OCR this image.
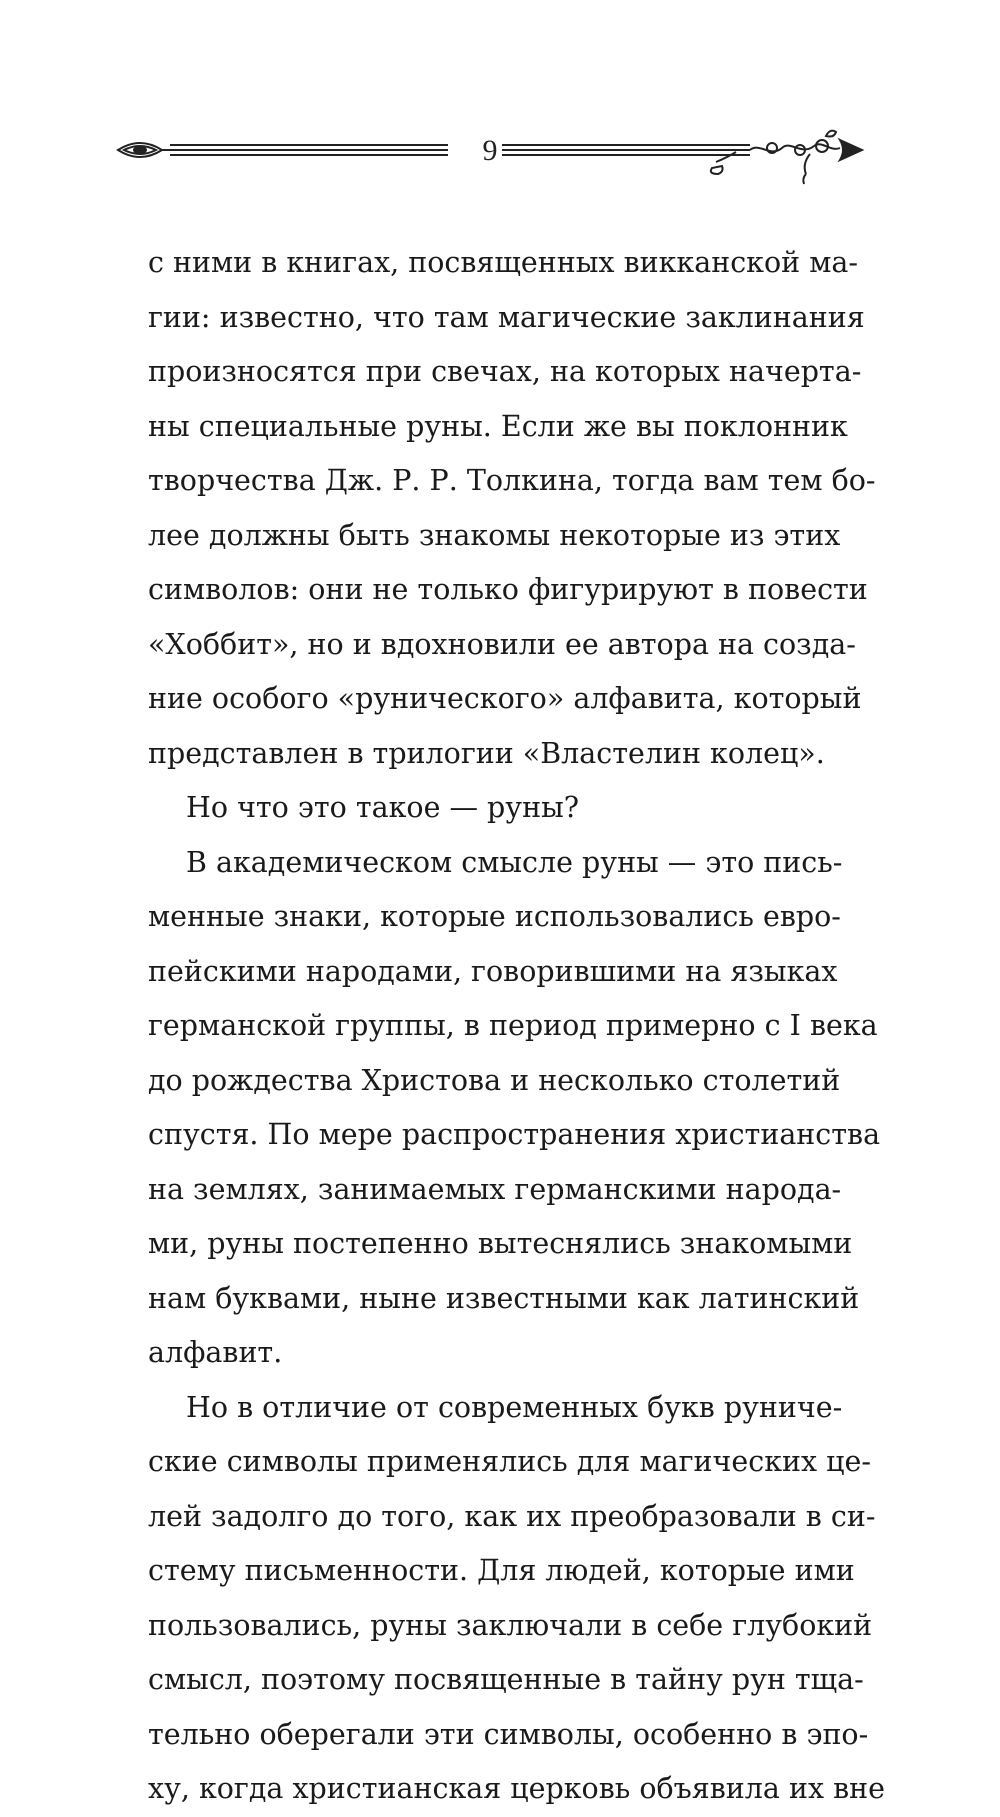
9
с ними в книгах, посвященных викканской ма-
гии: известно, что там магические заклинания
произносятся при свечах, на которых начерта-
ны специальные руны. Если же вы поклонник
творчества Дж. Р. Р. Толкина, тогда вам тем бо-
лее должны быть знакомы некоторые из этих
символов: они не только фигурируют в повести
«Хоббит», но и вдохновили ее автора на созда-
ние особого «рунического» алфавита, который
представлен в трилогии «Властелин колец».
Но что это такое — руны?
В академическом смысле руны — это пись-
менные знаки, которые использовались евро-
пейскими народами, говорившими на языках
германской группы, в период примерно с I века
до рождества Христова и несколько столетий
спустя. По мере распространения христианства
на землях, занимаемых германскими народа-
ми, руны постепенно вытеснялись знакомыми
нам буквами, ныне известными как латинский
алфавит.
Но в отличие от современных букв руниче-
ские символы применялись для магических це-
лей задолго до того, как их преобразовали в си-
стему письменности. Для людей, которые ими
пользовались, руны заключали в себе глубокий
смысл, поэтому посвященные в тайну рун тща-
тельно оберегали эти символы, особенно в эпо-
ху, когда христианская церковь объявила их вне
